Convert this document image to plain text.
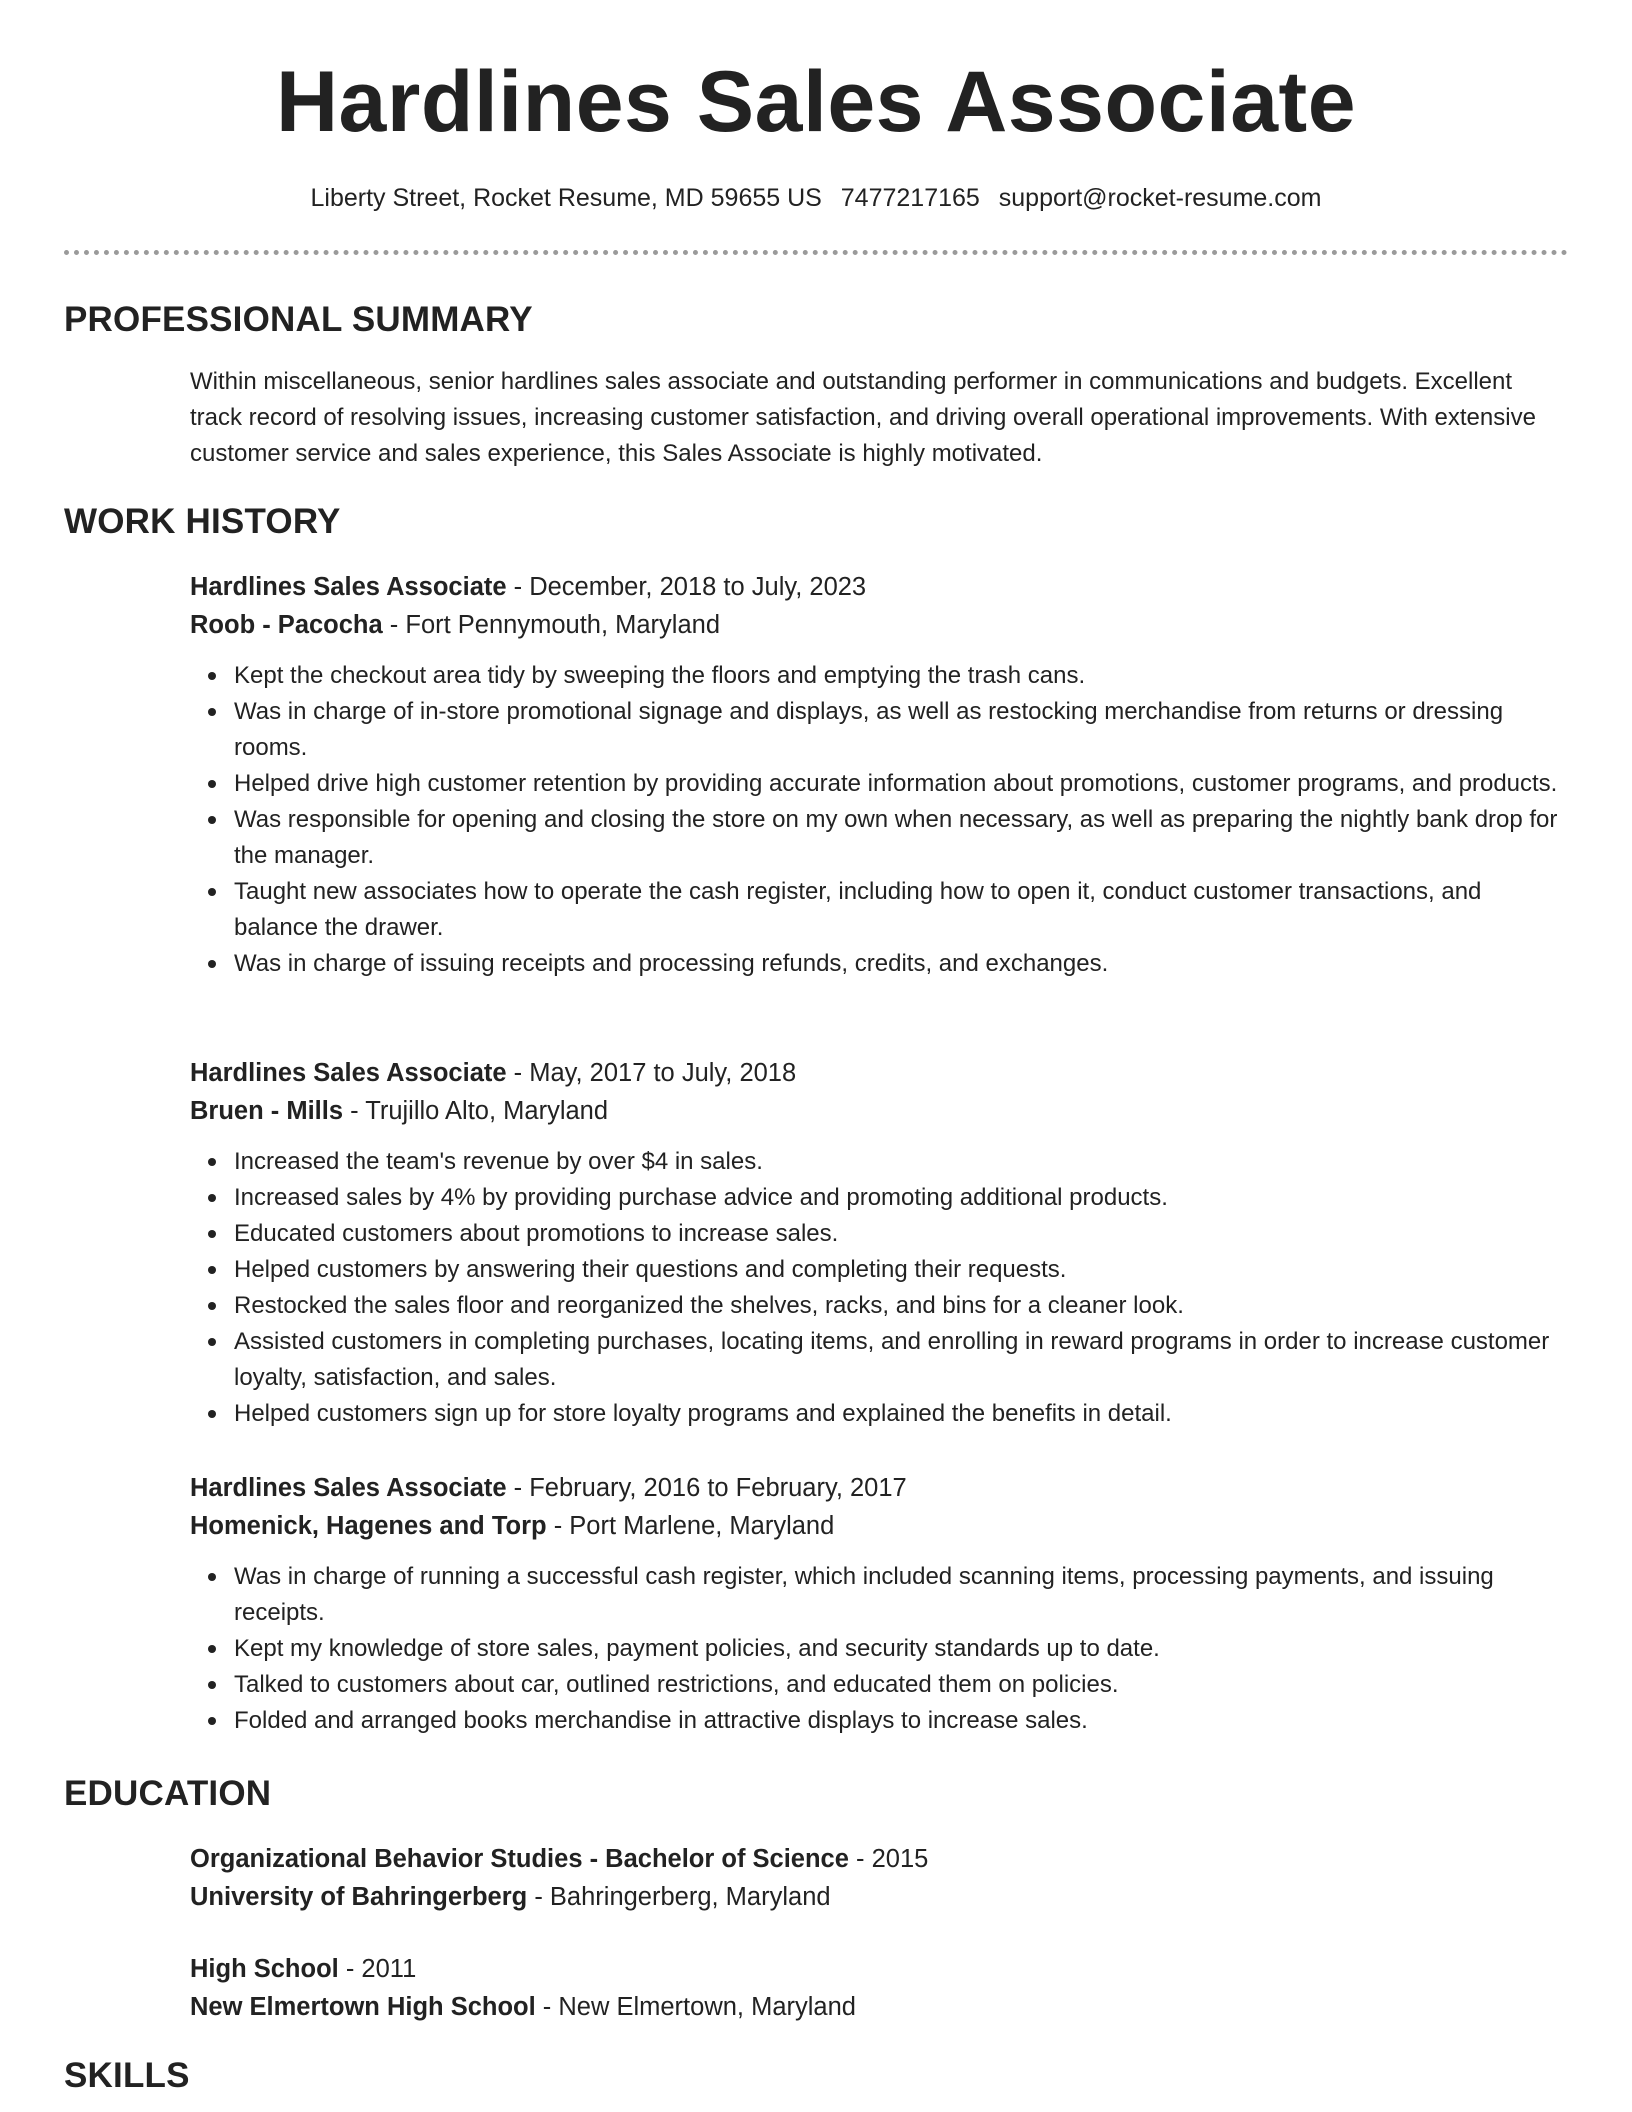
Hardlines Sales Associate
Liberty Street, Rocket Resume, MD 59655 US 7477217165 support@rocket-resume.com
PROFESSIONAL SUMMARY

Within miscellaneous, senior hardlines sales associate and outstanding performer in communications and budgets. Excellent track record of resolving issues, increasing customer satisfaction, and driving overall operational improvements. With extensive customer service and sales experience, this Sales Associate is highly motivated.

WORK HISTORY
Hardlines Sales Associate - December, 2018 to July, 2023
Roob - Pacocha - Fort Pennymouth, Maryland
Kept the checkout area tidy by sweeping the floors and emptying the trash cans.
Was in charge of in-store promotional signage and displays, as well as restocking merchandise from returns or dressing rooms.
Helped drive high customer retention by providing accurate information about promotions, customer programs, and products.
Was responsible for opening and closing the store on my own when necessary, as well as preparing the nightly bank drop for the manager.
Taught new associates how to operate the cash register, including how to open it, conduct customer transactions, and balance the drawer.
Was in charge of issuing receipts and processing refunds, credits, and exchanges.
Hardlines Sales Associate - May, 2017 to July, 2018
Bruen - Mills - Trujillo Alto, Maryland
Increased the team's revenue by over $4 in sales.
Increased sales by 4% by providing purchase advice and promoting additional products.
Educated customers about promotions to increase sales.
Helped customers by answering their questions and completing their requests.
Restocked the sales floor and reorganized the shelves, racks, and bins for a cleaner look.
Assisted customers in completing purchases, locating items, and enrolling in reward programs in order to increase customer loyalty, satisfaction, and sales.
Helped customers sign up for store loyalty programs and explained the benefits in detail.
Hardlines Sales Associate - February, 2016 to February, 2017
Homenick, Hagenes and Torp - Port Marlene, Maryland
Was in charge of running a successful cash register, which included scanning items, processing payments, and issuing receipts.
Kept my knowledge of store sales, payment policies, and security standards up to date.
Talked to customers about car, outlined restrictions, and educated them on policies.
Folded and arranged books merchandise in attractive displays to increase sales.
EDUCATION
Organizational Behavior Studies - Bachelor of Science - 2015
University of Bahringerberg - Bahringerberg, Maryland
High School - 2011
New Elmertown High School - New Elmertown, Maryland
SKILLS
